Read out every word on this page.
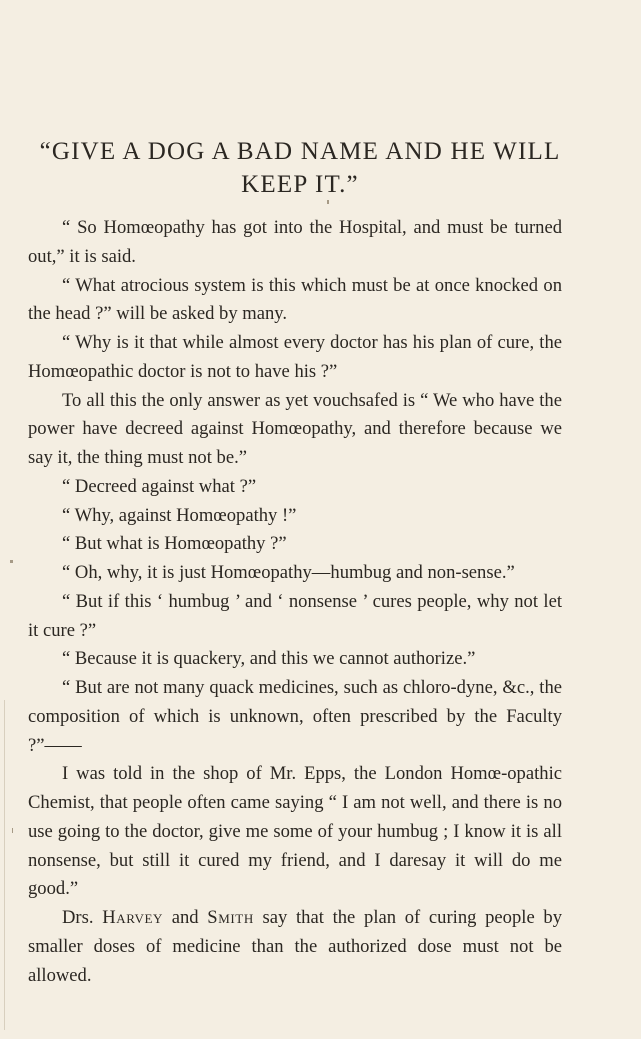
“GIVE A DOG A BAD NAME AND HE WILL
KEEP IT.”

“ So Homœopathy has got into the Hospital, and must be turned out,” it is said.

“ What atrocious system is this which must be at once knocked on the head ?” will be asked by many.

“ Why is it that while almost every doctor has his plan of cure, the Homœopathic doctor is not to have his ?”

To all this the only answer as yet vouchsafed is “ We who have the power have decreed against Homœopathy, and therefore because we say it, the thing must not be.”

“ Decreed against what ?”

“ Why, against Homœopathy !”

“ But what is Homœopathy ?”

“ Oh, why, it is just Homœopathy—humbug and non-sense.”

“ But if this ‘ humbug ’ and ‘ nonsense ’ cures people, why not let it cure ?”

“ Because it is quackery, and this we cannot authorize.”

“ But are not many quack medicines, such as chloro-dyne, &c., the composition of which is unknown, often prescribed by the Faculty ?”——

I was told in the shop of Mr. Epps, the London Homœ-opathic Chemist, that people often came saying “ I am not well, and there is no use going to the doctor, give me some of your humbug ; I know it is all nonsense, but still it cured my friend, and I daresay it will do me good.”

Drs. Harvey and Smith say that the plan of curing people by smaller doses of medicine than the authorized dose must not be allowed.
